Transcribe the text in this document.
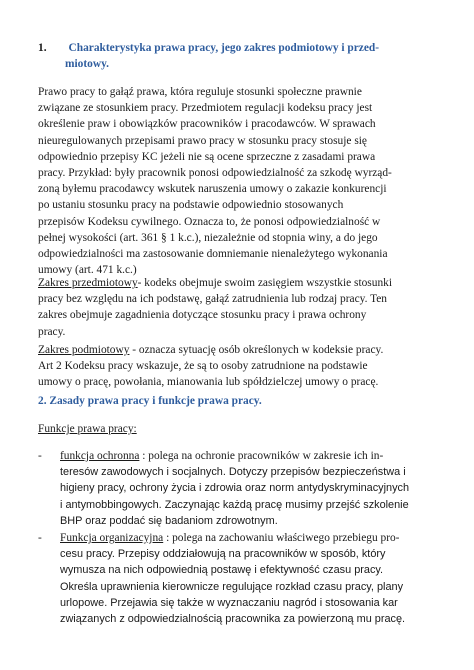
1. Charakterystyka prawa pracy, jego zakres podmiotowy i przed-
miotowy.
Prawo pracy to gałąź prawa, która reguluje stosunki społeczne prawnie
związane ze stosunkiem pracy. Przedmiotem regulacji kodeksu pracy jest
określenie praw i obowiązków pracowników i pracodawców. W sprawach
nieuregulowanych przepisami prawo pracy w stosunku pracy stosuje się
odpowiednio przepisy KC jeżeli nie są ocene sprzeczne z zasadami prawa
pracy. Przykład: były pracownik ponosi odpowiedzialność za szkodę wyrząd-
zoną byłemu pracodawcy wskutek naruszenia umowy o zakazie konkurencji
po ustaniu stosunku pracy na podstawie odpowiednio stosowanych
przepisów Kodeksu cywilnego. Oznacza to, że ponosi odpowiedzialność w
pełnej wysokości (art. 361 § 1 k.c.), niezależnie od stopnia winy, a do jego
odpowiedzialności ma zastosowanie domniemanie nienależytego wykonania
umowy (art. 471 k.c.)
Zakres przedmiotowy- kodeks obejmuje swoim zasięgiem wszystkie stosunki
pracy bez względu na ich podstawę, gałąź zatrudnienia lub rodzaj pracy. Ten
zakres obejmuje zagadnienia dotyczące stosunku pracy i prawa ochrony
pracy.
Zakres podmiotowy - oznacza sytuację osób określonych w kodeksie pracy.
Art 2 Kodeksu pracy wskazuje, że są to osoby zatrudnione na podstawie
umowy o pracę, powołania, mianowania lub spółdzielczej umowy o pracę.
2. Zasady prawa pracy i funkcje prawa pracy.
Funkcje prawa pracy:
- funkcja ochronna : polega na ochronie pracowników w zakresie ich in-
teresów zawodowych i socjalnych. Dotyczy przepisów bezpieczeństwa i
higieny pracy, ochrony życia i zdrowia oraz norm antydyskryminacyjnych
i antymobbingowych. Zaczynając każdą pracę musimy przejść szkolenie
BHP oraz poddać się badaniom zdrowotnym.
- Funkcja organizacyjna : polega na zachowaniu właściwego przebiegu pro-
cesu pracy. Przepisy oddziałowują na pracowników w sposób, który
wymusza na nich odpowiednią postawę i efektywność czasu pracy.
Określa uprawnienia kierownicze regulujące rozkład czasu pracy, plany
urlopowe. Przejawia się także w wyznaczaniu nagród i stosowania kar
związanych z odpowiedzialnością pracownika za powierzoną mu pracę.
